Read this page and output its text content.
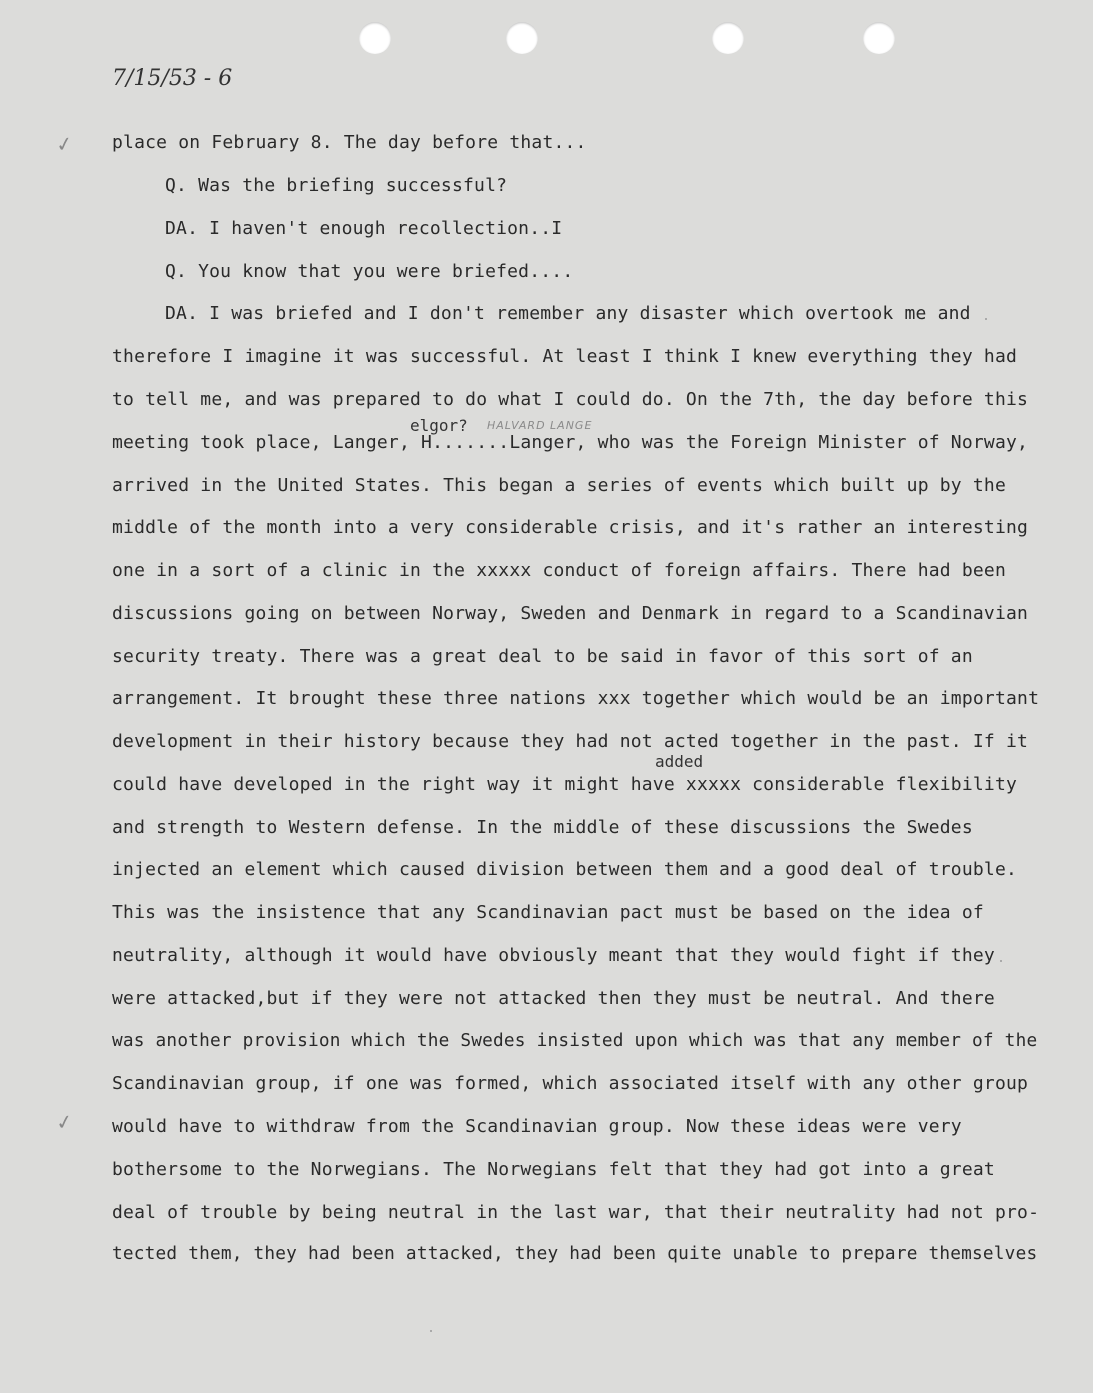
7/15/53 - 6
✓
✓
elgor? HALVARD LANGE
added
place on February 8. The day before that...
Q. Was the briefing successful?
DA. I haven't enough recollection..I
Q. You know that you were briefed....
DA. I was briefed and I don't remember any disaster which overtook me and
therefore I imagine it was successful. At least I think I knew everything they had
to tell me, and was prepared to do what I could do. On the 7th, the day before this
meeting took place, Langer, H.......Langer, who was the Foreign Minister of Norway,
arrived in the United States. This began a series of events which built up by the
middle of the month into a very considerable crisis, and it's rather an interesting
one in a sort of a clinic in the xxxxx conduct of foreign affairs. There had been
discussions going on between Norway, Sweden and Denmark in regard to a Scandinavian
security treaty. There was a great deal to be said in favor of this sort of an
arrangement. It brought these three nations xxx together which would be an important
development in their history because they had not acted together in the past. If it
could have developed in the right way it might have xxxxx considerable flexibility
and strength to Western defense. In the middle of these discussions the Swedes
injected an element which caused division between them and a good deal of trouble.
This was the insistence that any Scandinavian pact must be based on the idea of
neutrality, although it would have obviously meant that they would fight if they
were attacked,but if they were not attacked then they must be neutral. And there
was another provision which the Swedes insisted upon which was that any member of the
Scandinavian group, if one was formed, which associated itself with any other group
would have to withdraw from the Scandinavian group. Now these ideas were very
bothersome to the Norwegians. The Norwegians felt that they had got into a great
deal of trouble by being neutral in the last war, that their neutrality had not pro-
tected them, they had been attacked, they had been quite unable to prepare themselves
